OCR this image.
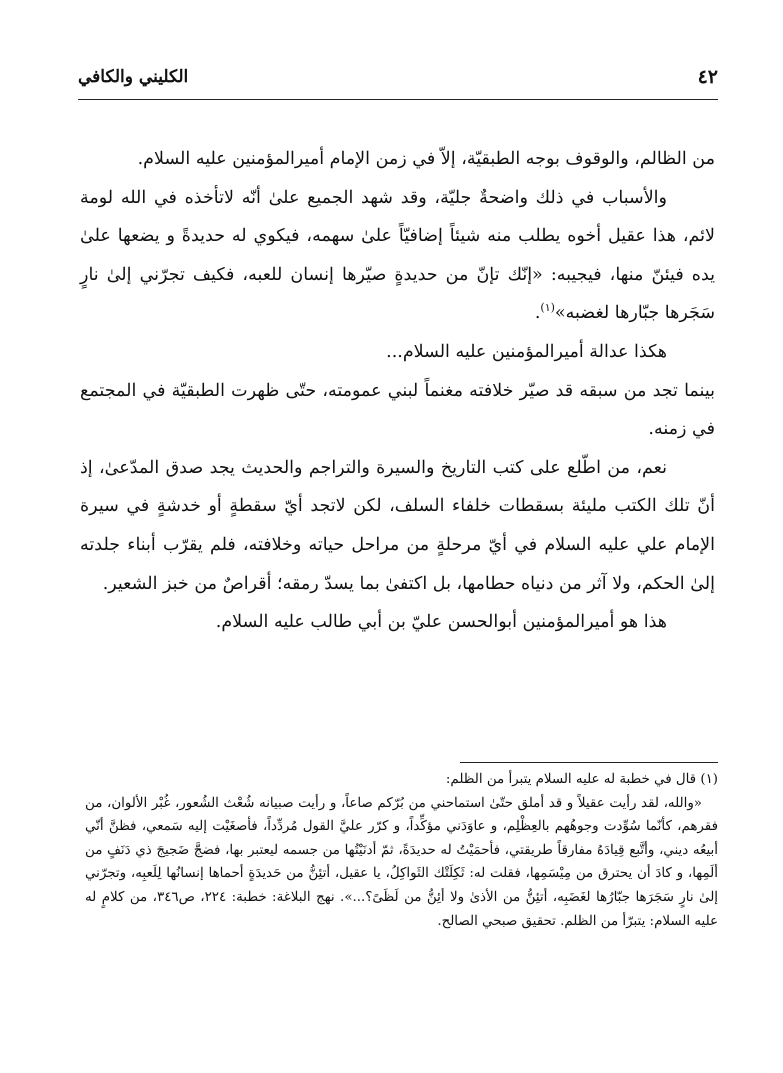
٤٢
الكليني والكافي

من الظالم، والوقوف بوجه الطبقيّة، إلاّ في زمن الإمام أميرالمؤمنين عليه السلام.

والأسباب في ذلك واضحةٌ جليّة، وقد شهد الجميع علىٰ أنّه لاتأخذه في الله لومة لائم، هذا عقيل أخوه يطلب منه شيئاً إضافيّاً علىٰ سهمه، فيكوي له حديدةً و يضعها علىٰ يده فيئنّ منها، فيجيبه: «إنّك تإنّ من حديدةٍ صيّرها إنسان للعبه، فكيف تجرّني إلىٰ نارٍ سَجَرها جبّارها لغضبه»$^{(١)}$.

هكذا عدالة أميرالمؤمنين عليه السلام...

بينما تجد من سبقه قد صيّر خلافته مغنماً لبني عمومته، حتّى ظهرت الطبقيّة في المجتمع في زمنه.

نعم، من اطّلع على كتب التاريخ والسيرة والتراجم والحديث يجد صدق المدّعىٰ، إذ أنّ تلك الكتب مليئة بسقطات خلفاء السلف، لكن لاتجد أيّ سقطةٍ أو خدشةٍ في سيرة الإمام علي عليه السلام في أيّ مرحلةٍ من مراحل حياته وخلافته، فلم يقرّب أبناء جلدته إلىٰ الحكم، ولا آثر من دنياه حطامها، بل اكتفىٰ بما يسدّ رمقه؛ أقراصٌ من خبز الشعير.

هذا هو أميرالمؤمنين أبوالحسن عليّ بن أبي طالب عليه السلام.

(١) قال في خطبة له عليه السلام يتبرأ من الظلم:

«والله، لقد رأيت عقيلاً و قد أملق حتّىٰ استماحني من بُرّكم صاعاً، و رأيت صبيانه شُعْث الشُعور، غُبْر الألوان، من فقرهم، كأنّما سُوِّدت وجوهُهم بالعِظْلِم، و عاوَدَني مؤكِّداً، و كرّر عليَّ القول مُردِّداً، فأصغَيْت إليه سَمعي، فظنَّ أنّي أبيعُه ديني، وأتَّبع قِيادَهُ مفارقاً طريقتي، فأحمَيْتُ له حديدَةً، ثمّ أدنَيْتُها من جسمه ليعتبر بها، فضجَّ ضَجيجَ ذي دَنَفٍ من ألَمِها، و كادَ أن يحترق من مِيْسَمِها، فقلت له: ثَكِلَتْك الثَواكِلُ، يا عقيل، أتئِنُّ من حَديدَةٍ أحماها إنسانُها لِلَعبِه، وتجرّني إلىٰ نارٍ سَجَرَها جبّارُها لغَضَبِه، أتئِنُّ من الأذىٰ ولا أئِنُّ من لَظَىً؟...». نهج البلاغة: خطبة: ٢٢٤، ص٣٤٦، من كلامٍ له عليه السلام: يتبرّأ من الظلم. تحقيق صبحي الصالح.
